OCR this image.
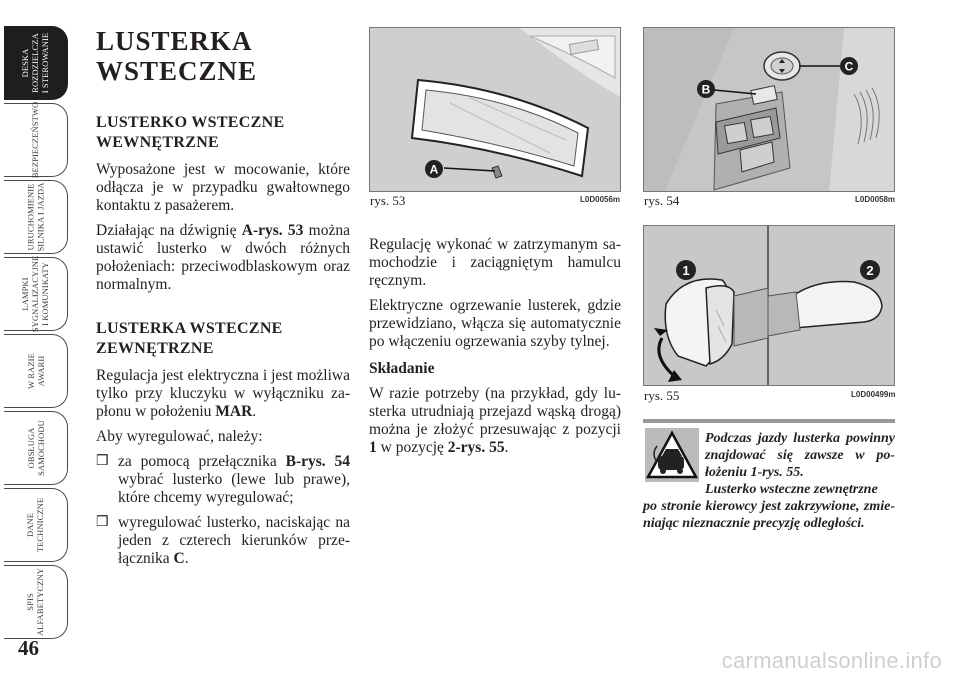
DESKA
ROZDZIELCZA
I STEROWANIE
BEZPIECZEŃSTWO
URUCHOMIENIE
SILNIKA I JAZDA
LAMPKI
SYGNALIZACYJNE
I KOMUNIKATY
W RAZIE
AWARII
OBSŁUGA
SAMOCHODU
DANE
TECHNICZNE
SPIS
ALFABETYCZNY
46	carmanualsonline.info
LUSTERKA
WSTECZNE
LUSTERKO WSTECZNE
WEWNĘTRZNE

Wyposażone jest w mocowanie, które odłącza je w przypadku gwałtownego kontaktu z pasażerem.

Działając na dźwignię A-rys. 53 można ustawić lusterko w dwóch różnych położeniach: przeciwodblaskowym oraz normalnym.

LUSTERKA WSTECZNE
ZEWNĘTRZNE

Regulacja jest elektryczna i jest możliwa tylko przy kluczyku w wyłączniku zapłonu w położeniu MAR.

Aby wyregulować, należy:

❒ za pomocą przełącznika B-rys. 54 wybrać lusterko (lewe lub prawe), które chcemy wyregulować;
❒ wyregulować lusterko, naciskając na jeden z czterech kierunków przełącznika C.
A
rys. 53	L0D0056m
C
B
rys. 54	L0D0058m
1	2
rys. 55	L0D00499m

Regulację wykonać w zatrzymanym samochodzie i zaciągniętym hamulcu ręcznym.

Elektryczne ogrzewanie lusterek, gdzie przewidziano, włącza się automatycznie po włączeniu ogrzewania szyby tylnej.

Składanie

W razie potrzeby (na przykład, gdy lusterka utrudniają przejazd wąską drogą) można je złożyć przesuwając z pozycji 1 w pozycję 2-rys. 55.

Podczas jazdy lusterka powinny znajdować się zawsze w położeniu 1-rys. 55.
Lusterko wsteczne zewnętrzne
po stronie kierowcy jest zakrzywione, zmieniając nieznacznie precyzję odległości.
